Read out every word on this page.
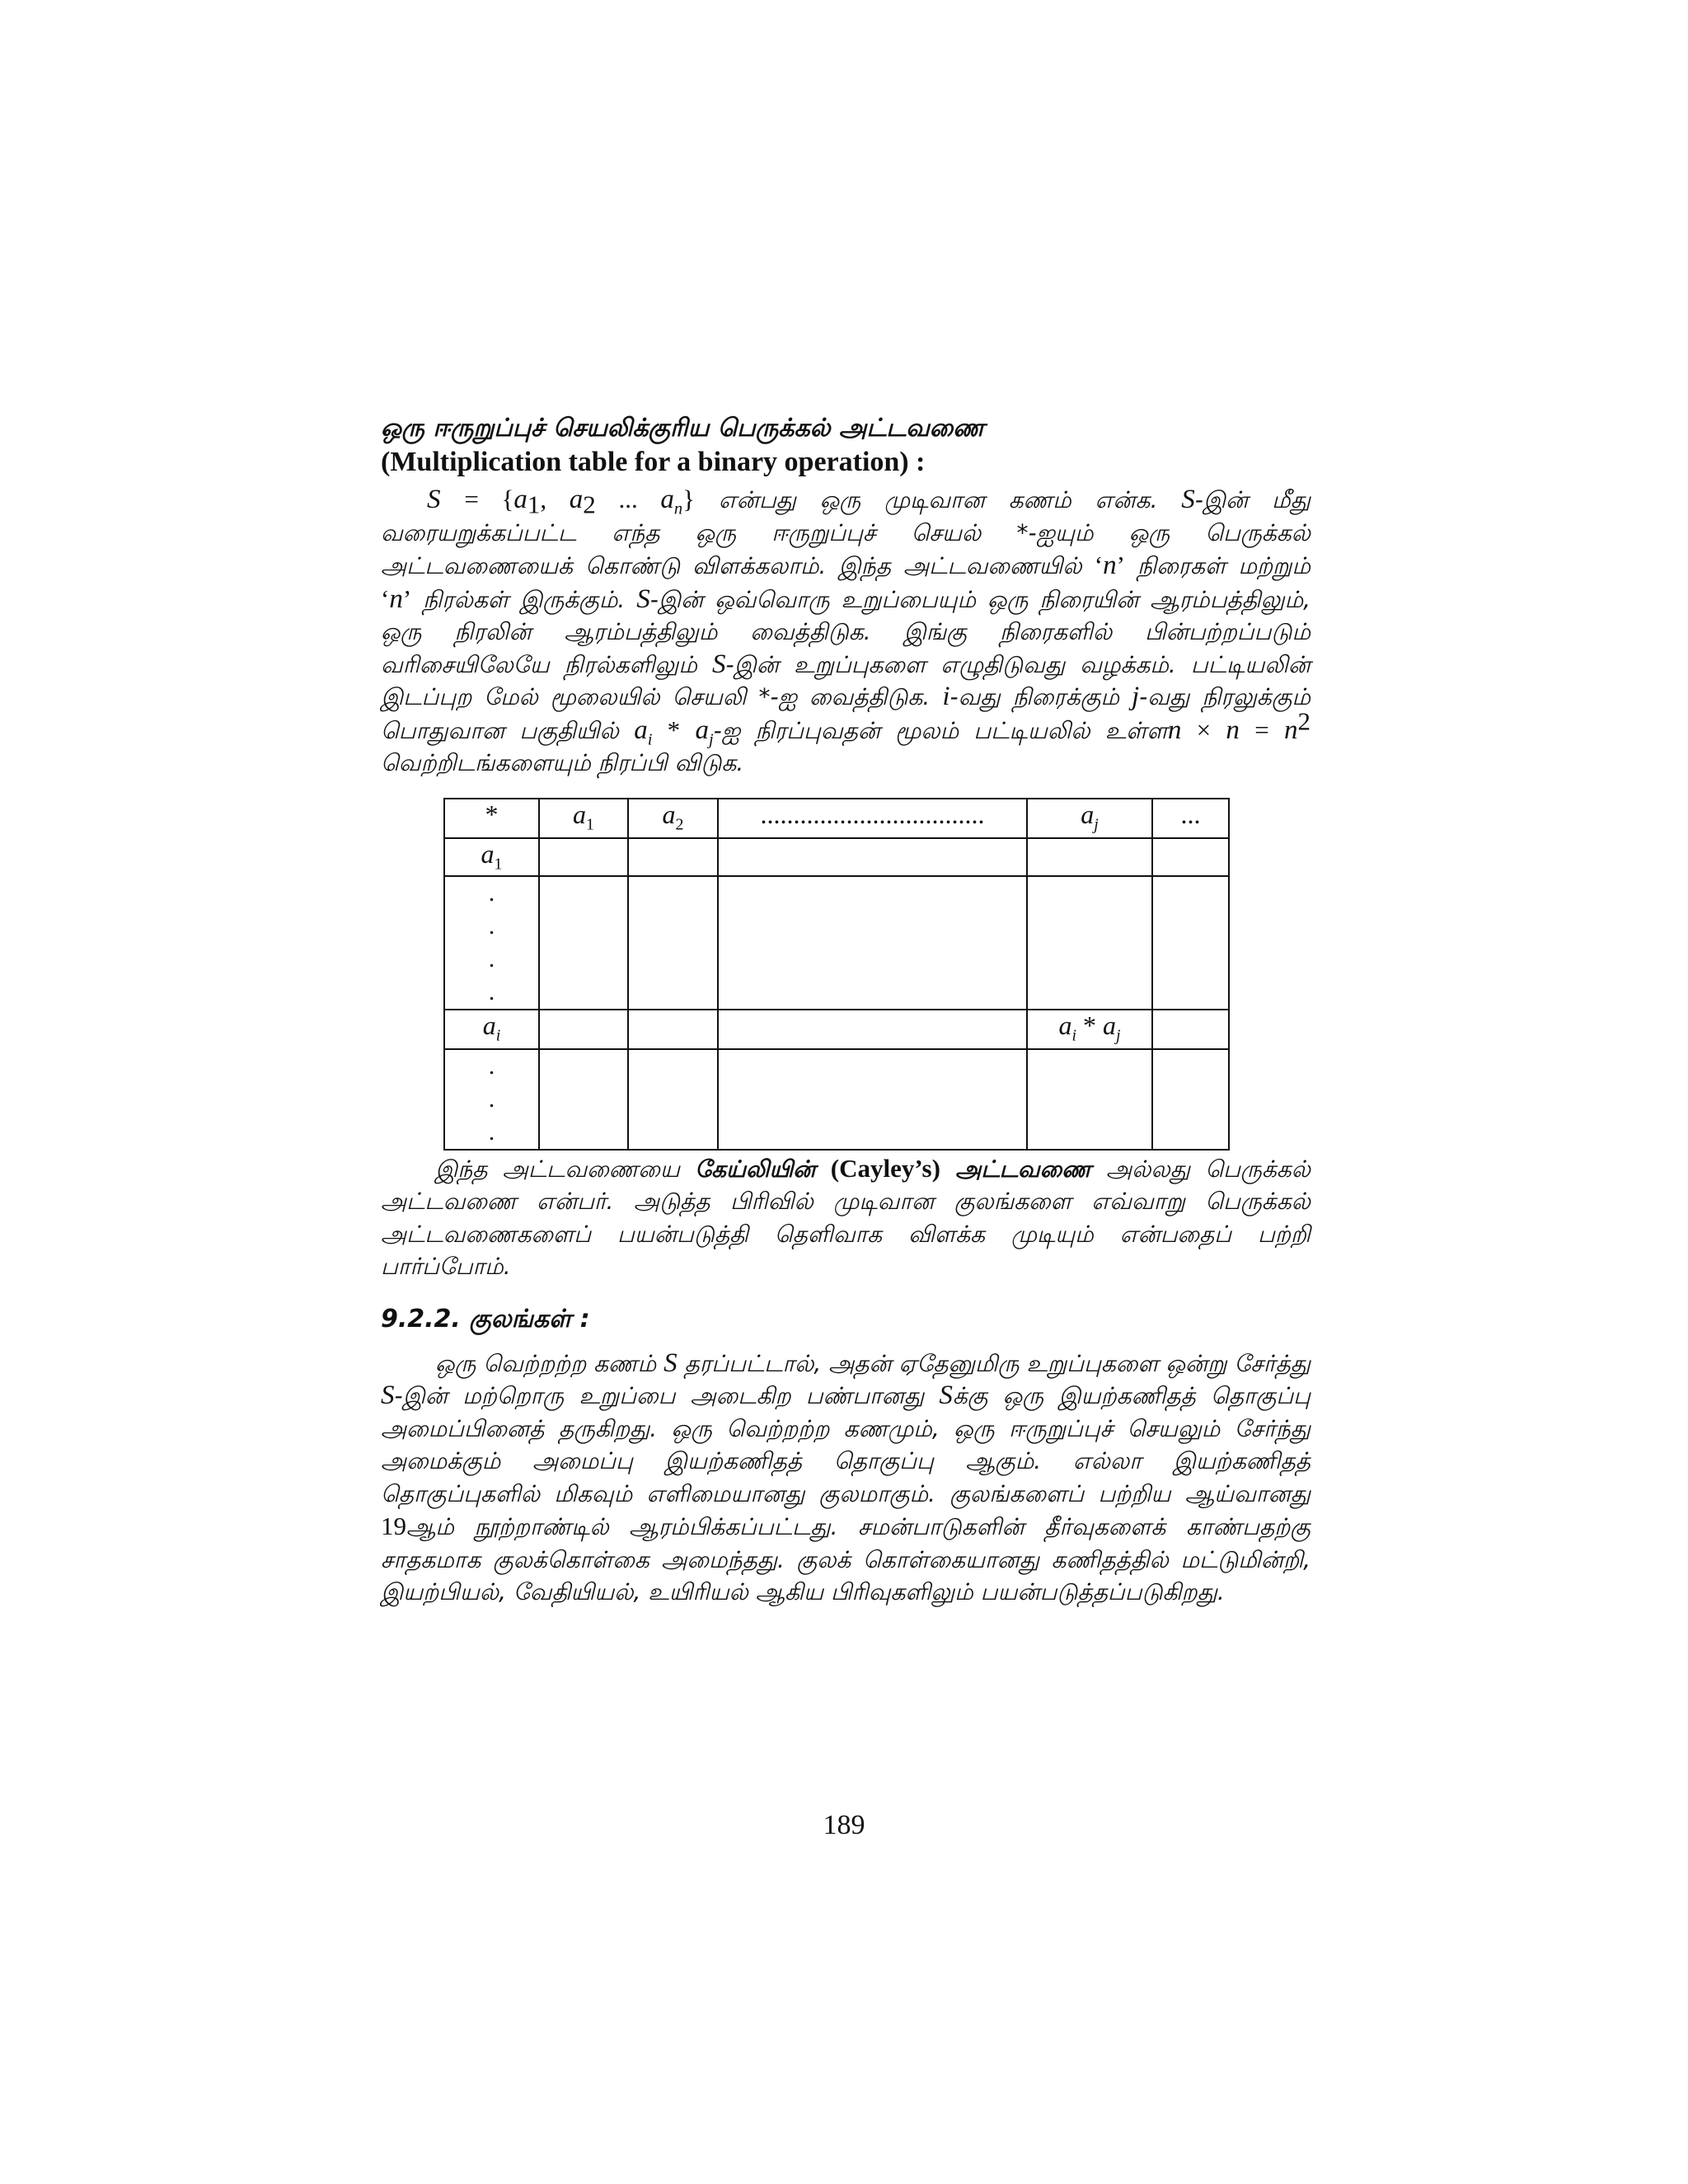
ஒரு ஈருறுப்புச் செயலிக்குரிய பெருக்கல் அட்டவணை
(Multiplication table for a binary operation) :
$S = \{a_1$, $a_2$ ... $a_n$} என்பது ஒரு முடிவான கணம் என்க. S-இன் மீது வரையறுக்கப்பட்ட எந்த ஒரு ஈருறுப்புச் செயல் *-ஐயும் ஒரு பெருக்கல் அட்டவணையைக் கொண்டு விளக்கலாம். இந்த அட்டவணையில் ‘n’ நிரைகள் மற்றும் ‘n’ நிரல்கள் இருக்கும். S-இன் ஒவ்வொரு உறுப்பையும் ஒரு நிரையின் ஆரம்பத்திலும், ஒரு நிரலின் ஆரம்பத்திலும் வைத்திடுக. இங்கு நிரைகளில் பின்பற்றப்படும் வரிசையிலேயே நிரல்களிலும் S-இன் உறுப்புகளை எழுதிடுவது வழக்கம். பட்டியலின் இடப்புற மேல் மூலையில் செயலி *-ஐ வைத்திடுக. i-வது நிரைக்கும் j-வது நிரலுக்கும் பொதுவான பகுதியில் $a_i$ * $a_j-ஐ$ நிரப்புவதன் மூலம் பட்டியலில் உள்ளn × $n = n^2$ வெற்றிடங்களையும் நிரப்பி விடுக.
*	$a_1$	$a_2$	..................................	$a_j$	...
$a_1$					

.
.
.
.					

$a_i$				$a_i * a_j$	

.
.
.					

இந்த அட்டவணையை கேய்லியின் (Cayley’s) அட்டவணை அல்லது பெருக்கல் அட்டவணை என்பர். அடுத்த பிரிவில் முடிவான குலங்களை எவ்வாறு பெருக்கல் அட்டவணைகளைப் பயன்படுத்தி தெளிவாக விளக்க முடியும் என்பதைப் பற்றி பார்ப்போம்.
9.2.2. குலங்கள் :
ஒரு வெற்றற்ற கணம் S தரப்பட்டால், அதன் ஏதேனுமிரு உறுப்புகளை ஒன்று சேர்த்து S-இன் மற்றொரு உறுப்பை அடைகிற பண்பானது Sக்கு ஒரு இயற்கணிதத் தொகுப்பு அமைப்பினைத் தருகிறது. ஒரு வெற்றற்ற கணமும், ஒரு ஈருறுப்புச் செயலும் சேர்ந்து அமைக்கும் அமைப்பு இயற்கணிதத் தொகுப்பு ஆகும். எல்லா இயற்கணிதத் தொகுப்புகளில் மிகவும் எளிமையானது குலமாகும். குலங்களைப் பற்றிய ஆய்வானது 19ஆம் நூற்றாண்டில் ஆரம்பிக்கப்பட்டது. சமன்பாடுகளின் தீர்வுகளைக் காண்பதற்கு சாதகமாக குலக்கொள்கை அமைந்தது. குலக் கொள்கையானது கணிதத்தில் மட்டுமின்றி, இயற்பியல், வேதியியல், உயிரியல் ஆகிய பிரிவுகளிலும் பயன்படுத்தப்படுகிறது.
189
